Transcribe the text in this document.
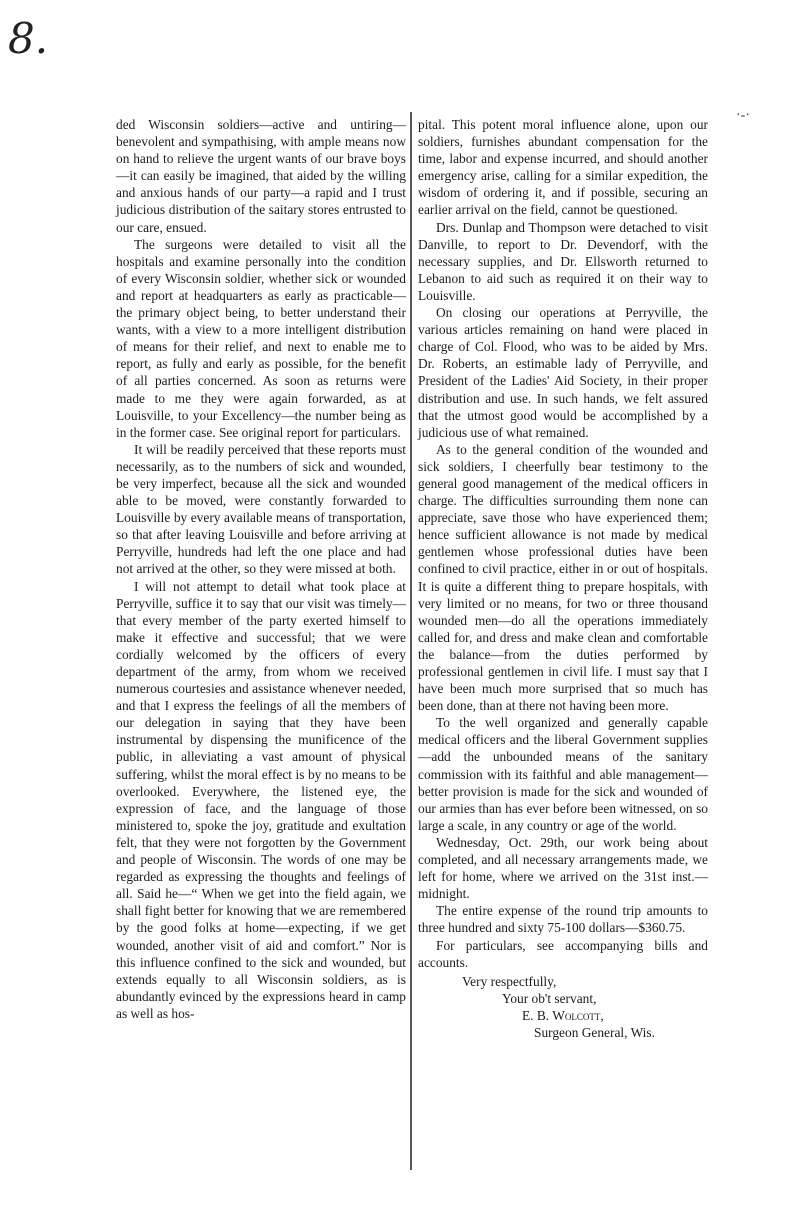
8.
·-·

ded Wisconsin soldiers—active and untiring—benevolent and sympathising, with ample means now on hand to relieve the urgent wants of our brave boys—it can easily be imagined, that aided by the willing and anxious hands of our party—a rapid and I trust judicious distribution of the saitary stores entrusted to our care, ensued.

The surgeons were detailed to visit all the hospitals and examine personally into the condition of every Wisconsin soldier, whether sick or wounded and report at headquarters as early as practicable—the primary object being, to better understand their wants, with a view to a more intelligent distribution of means for their relief, and next to enable me to report, as fully and early as possible, for the benefit of all parties concerned. As soon as returns were made to me they were again forwarded, as at Louisville, to your Excellency—the number being as in the former case. See original report for particulars.

It will be readily perceived that these reports must necessarily, as to the numbers of sick and wounded, be very imperfect, because all the sick and wounded able to be moved, were constantly forwarded to Louisville by every available means of transportation, so that after leaving Louisville and before arriving at Perryville, hundreds had left the one place and had not arrived at the other, so they were missed at both.

I will not attempt to detail what took place at Perryville, suffice it to say that our visit was timely—that every member of the party exerted himself to make it effective and successful; that we were cordially welcomed by the officers of every department of the army, from whom we received numerous courtesies and assistance whenever needed, and that I express the feelings of all the members of our delegation in saying that they have been instrumental by dispensing the munificence of the public, in alleviating a vast amount of physical suffering, whilst the moral effect is by no means to be overlooked. Everywhere, the listened eye, the expression of face, and the language of those ministered to, spoke the joy, gratitude and exultation felt, that they were not forgotten by the Government and people of Wisconsin. The words of one may be regarded as expressing the thoughts and feelings of all. Said he—“ When we get into the field again, we shall fight better for knowing that we are remembered by the good folks at home—expecting, if we get wounded, another visit of aid and comfort.” Nor is this influence confined to the sick and wounded, but extends equally to all Wisconsin soldiers, as is abundantly evinced by the expressions heard in camp as well as hos-

pital. This potent moral influence alone, upon our soldiers, furnishes abundant compensation for the time, labor and expense incurred, and should another emergency arise, calling for a similar expedition, the wisdom of ordering it, and if possible, securing an earlier arrival on the field, cannot be questioned.

Drs. Dunlap and Thompson were detached to visit Danville, to report to Dr. Devendorf, with the necessary supplies, and Dr. Ellsworth returned to Lebanon to aid such as required it on their way to Louisville.

On closing our operations at Perryville, the various articles remaining on hand were placed in charge of Col. Flood, who was to be aided by Mrs. Dr. Roberts, an estimable lady of Perryville, and President of the Ladies' Aid Society, in their proper distribution and use. In such hands, we felt assured that the utmost good would be accomplished by a judicious use of what remained.

As to the general condition of the wounded and sick soldiers, I cheerfully bear testimony to the general good management of the medical officers in charge. The difficulties surrounding them none can appreciate, save those who have experienced them; hence sufficient allowance is not made by medical gentlemen whose professional duties have been confined to civil practice, either in or out of hospitals. It is quite a different thing to prepare hospitals, with very limited or no means, for two or three thousand wounded men—do all the operations immediately called for, and dress and make clean and comfortable the balance—from the duties performed by professional gentlemen in civil life. I must say that I have been much more surprised that so much has been done, than at there not having been more.

To the well organized and generally capable medical officers and the liberal Government supplies—add the unbounded means of the sanitary commission with its faithful and able management—better provision is made for the sick and wounded of our armies than has ever before been witnessed, on so large a scale, in any country or age of the world.

Wednesday, Oct. 29th, our work being about completed, and all necessary arrangements made, we left for home, where we arrived on the 31st inst.—midnight.

The entire expense of the round trip amounts to three hundred and sixty 75-100 dollars—$360.75.

For particulars, see accompanying bills and accounts.

Very respectfully,
Your ob't servant,
E. B. Wolcott,
Surgeon General, Wis.
